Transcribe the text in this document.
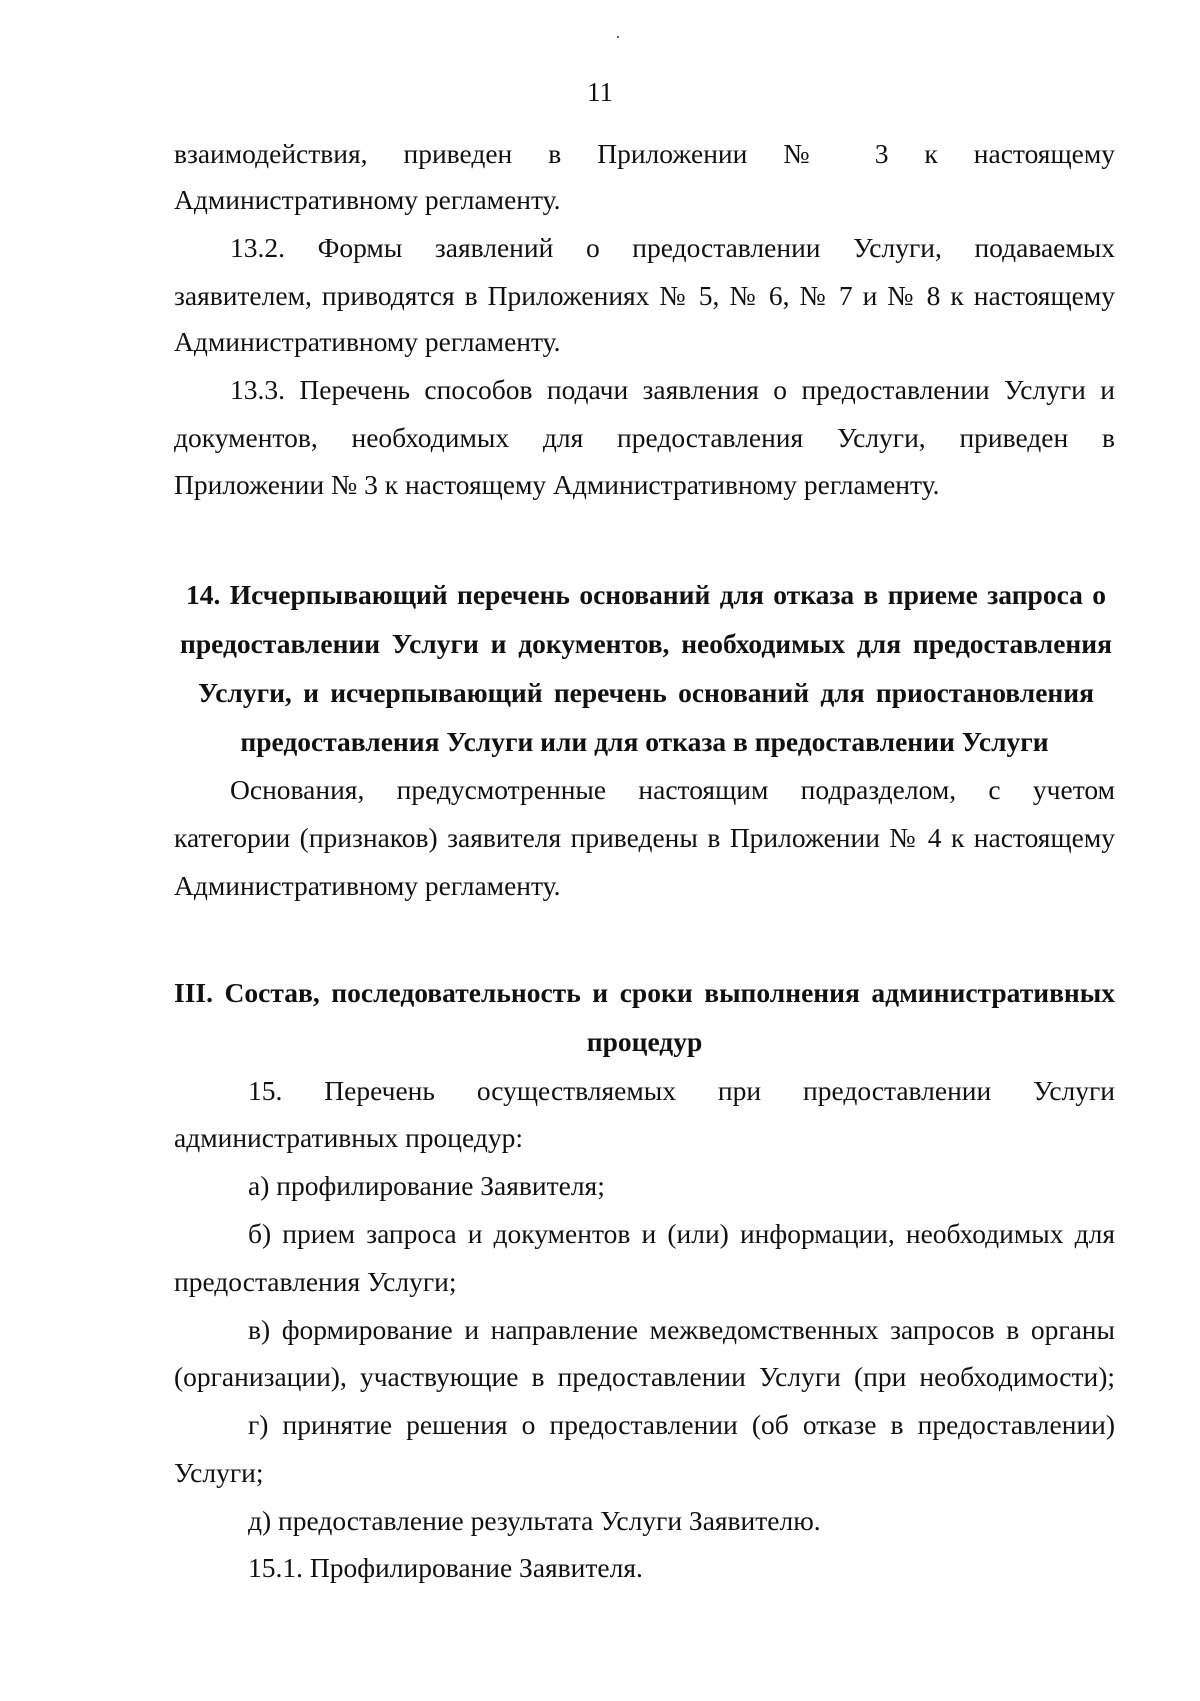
11
взаимодействия, приведен в Приложении № 3 к настоящему
Административному регламенту.
13.2. Формы заявлений о предоставлении Услуги, подаваемых
заявителем, приводятся в Приложениях № 5, № 6, № 7 и № 8 к настоящему
Административному регламенту.
13.3. Перечень способов подачи заявления о предоставлении Услуги и
документов, необходимых для предоставления Услуги, приведен в
Приложении № 3 к настоящему Административному регламенту.
14. Исчерпывающий перечень оснований для отказа в приеме запроса о
предоставлении Услуги и документов, необходимых для предоставления
Услуги, и исчерпывающий перечень оснований для приостановления
предоставления Услуги или для отказа в предоставлении Услуги
Основания, предусмотренные настоящим подразделом, с учетом
категории (признаков) заявителя приведены в Приложении № 4 к настоящему
Административному регламенту.
III. Состав, последовательность и сроки выполнения административных
процедур
15. Перечень осуществляемых при предоставлении Услуги
административных процедур:
а) профилирование Заявителя;
б) прием запроса и документов и (или) информации, необходимых для
предоставления Услуги;
в) формирование и направление межведомственных запросов в органы
(организации), участвующие в предоставлении Услуги (при необходимости);
г) принятие решения о предоставлении (об отказе в предоставлении)
Услуги;
д) предоставление результата Услуги Заявителю.
15.1. Профилирование Заявителя.
